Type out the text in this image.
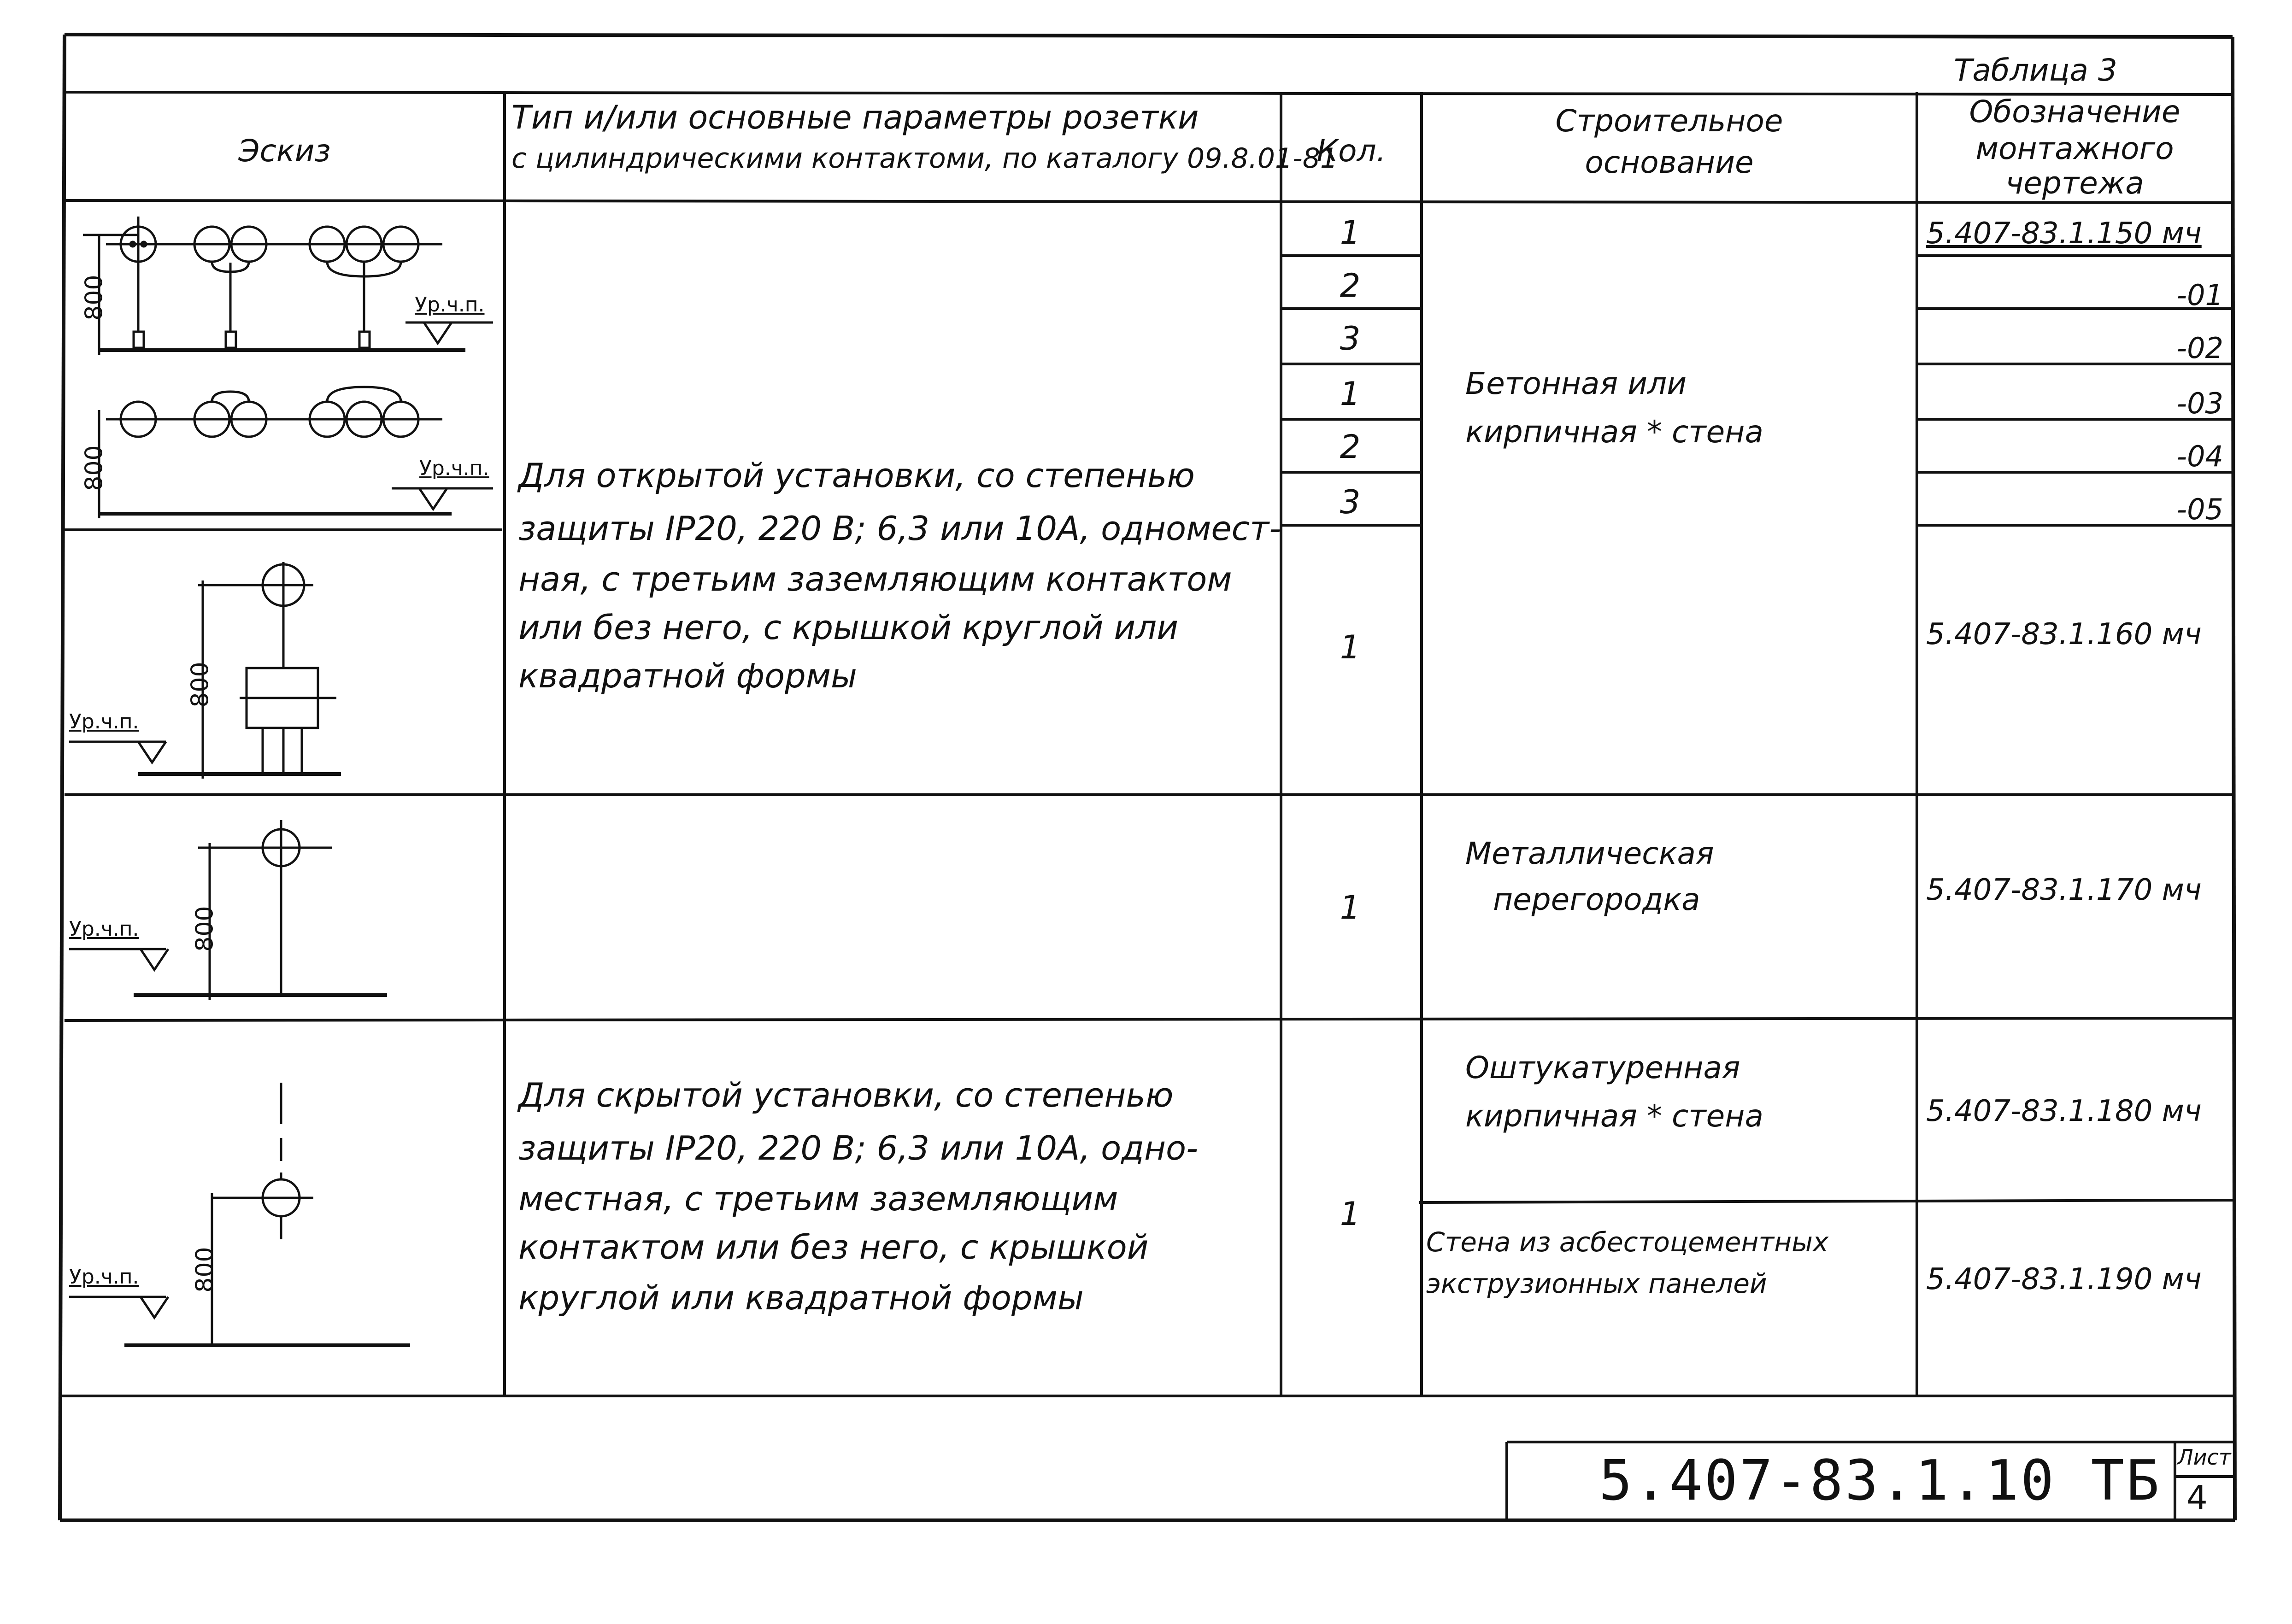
Таблица 3
Эскиз
Тип и/или основные параметры розетки
с цилиндрическими контактоми, по каталогу 09.8.01-81
Кол.
Строительное
основание
Обозначение
монтажного
чертежа
800	Ур.ч.п.
800	Ур.ч.п.
800
Ур.ч.п.
800
Ур.ч.п.
800
Ур.ч.п.
Для открытой установки, со степенью
защиты IP20, 220 В; 6,3 или 10А, одномест-
ная, с третьим заземляющим контактом
или без него, с крышкой круглой или
квадратной формы
Для скрытой установки, со степенью
защиты IP20, 220 В; 6,3 или 10А, одно-
местная, с третьим заземляющим
контактом или без него, с крышкой
круглой или квадратной формы
1
2
3
1
2
3
1
1
1
Бетонная или
кирпичная * стена
Металлическая
перегородка
Оштукатуренная
кирпичная * стена
Стена из асбестоцементных
экструзионных панелей
5.407-83.1.150 мч
-01
-02
-03
-04
-05
5.407-83.1.160 мч
5.407-83.1.170 мч
5.407-83.1.180 мч
5.407-83.1.190 мч
5.407-83.1.10 ТБ Лист
4
